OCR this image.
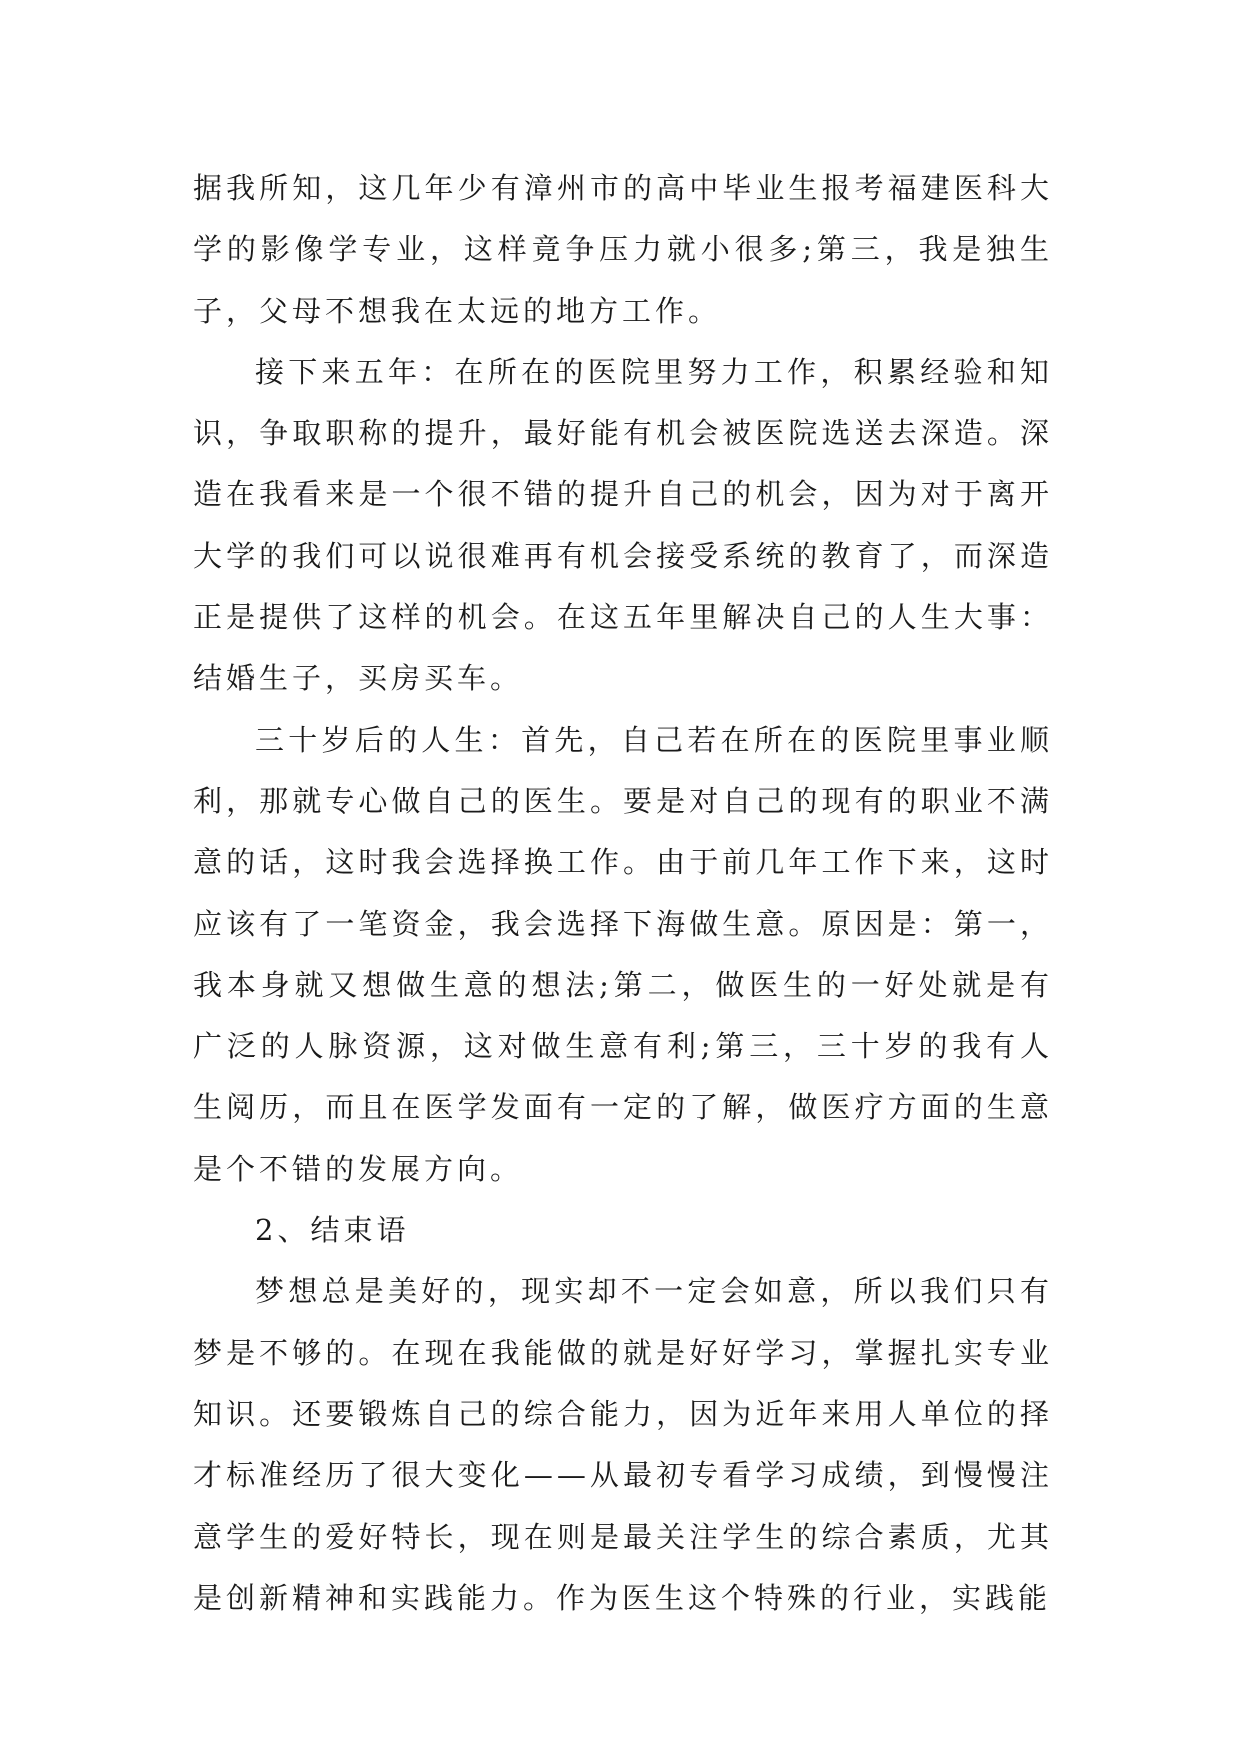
据我所知，这几年少有漳州市的高中毕业生报考福建医科大学的影像学专业，这样竟争压力就小很多;第三，我是独生子，父母不想我在太远的地方工作。

接下来五年：在所在的医院里努力工作，积累经验和知识，争取职称的提升，最好能有机会被医院选送去深造。深造在我看来是一个很不错的提升自己的机会，因为对于离开大学的我们可以说很难再有机会接受系统的教育了，而深造正是提供了这样的机会。在这五年里解决自己的人生大事：结婚生子，买房买车。

三十岁后的人生：首先，自己若在所在的医院里事业顺利，那就专心做自己的医生。要是对自己的现有的职业不满意的话，这时我会选择换工作。由于前几年工作下来，这时应该有了一笔资金，我会选择下海做生意。原因是：第一，我本身就又想做生意的想法;第二，做医生的一好处就是有广泛的人脉资源，这对做生意有利;第三，三十岁的我有人生阅历，而且在医学发面有一定的了解，做医疗方面的生意是个不错的发展方向。

2、结束语

梦想总是美好的，现实却不一定会如意，所以我们只有梦是不够的。在现在我能做的就是好好学习，掌握扎实专业知识。还要锻炼自己的综合能力，因为近年来用人单位的择才标准经历了很大变化——从最初专看学习成绩，到慢慢注意学生的爱好特长，现在则是最关注学生的综合素质，尤其是创新精神和实践能力。作为医生这个特殊的行业，实践能
